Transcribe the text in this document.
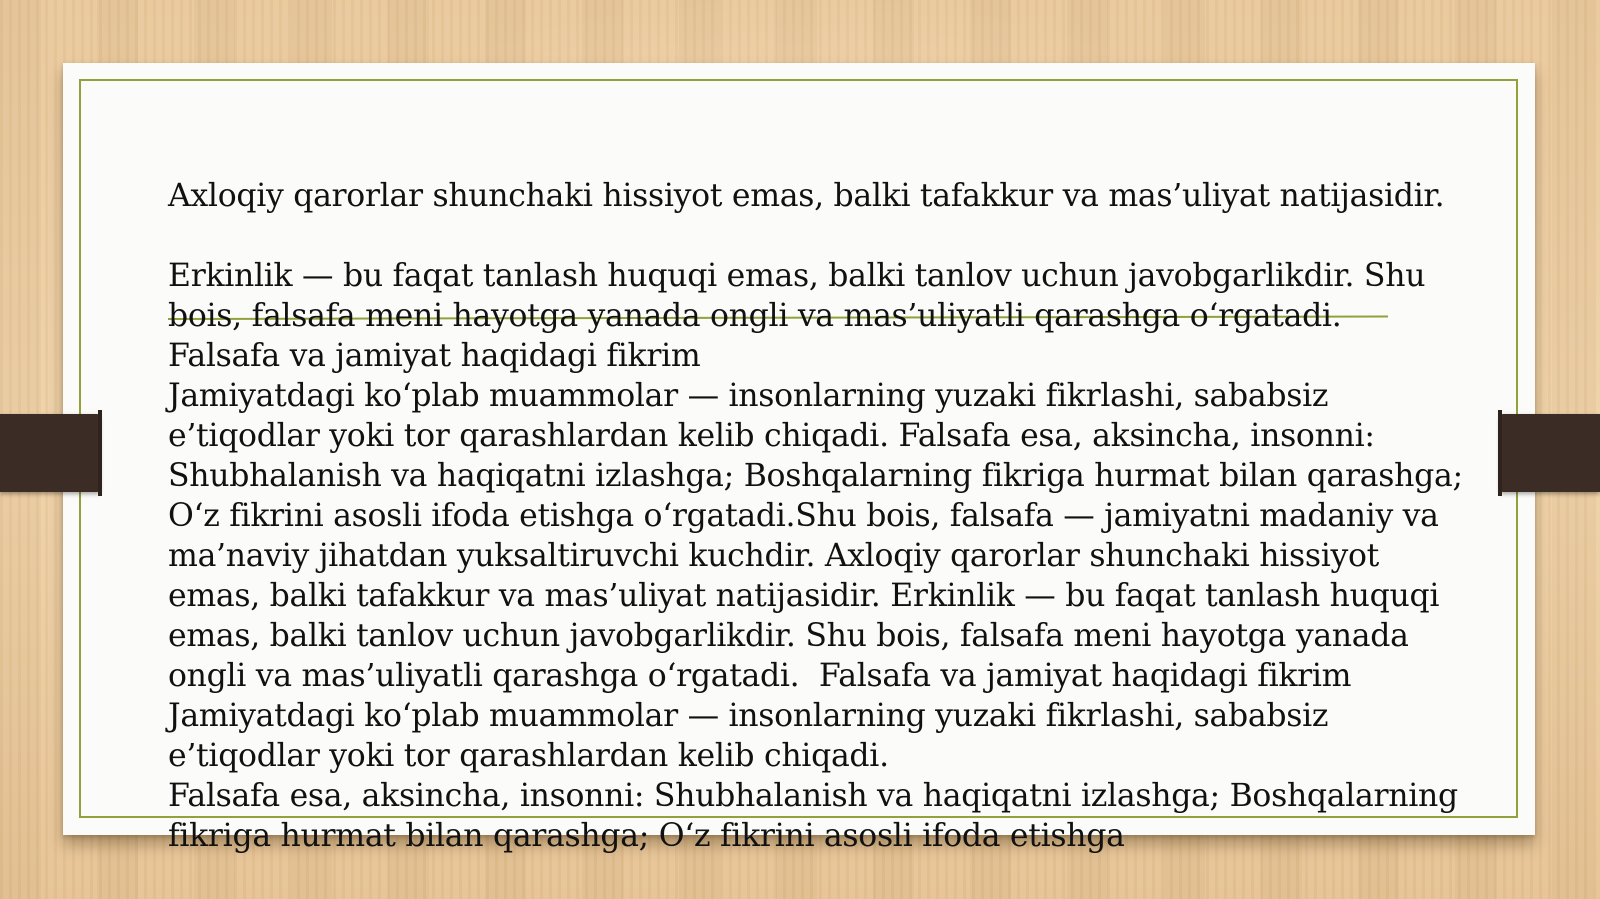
Axloqiy qarorlar shunchaki hissiyot emas, balki tafakkur va mas’uliyat natijasidir.

Erkinlik — bu faqat tanlash huquqi emas, balki tanlov uchun javobgarlikdir. Shu bois, falsafa meni hayotga yanada ongli va mas’uliyatli qarashga o‘rgatadi.

Falsafa va jamiyat haqidagi fikrim

Jamiyatdagi ko‘plab muammolar — insonlarning yuzaki fikrlashi, sababsiz e’tiqodlar yoki tor qarashlardan kelib chiqadi. Falsafa esa, aksincha, insonni: Shubhalanish va haqiqatni izlashga; Boshqalarning fikriga hurmat bilan qarashga; O‘z fikrini asosli ifoda etishga o‘rgatadi.Shu bois, falsafa — jamiyatni madaniy va ma’naviy jihatdan yuksaltiruvchi kuchdir. Axloqiy qarorlar shunchaki hissiyot emas, balki tafakkur va mas’uliyat natijasidir. Erkinlik — bu faqat tanlash huquqi emas, balki tanlov uchun javobgarlikdir. Shu bois, falsafa meni hayotga yanada ongli va mas’uliyatli qarashga o‘rgatadi.  Falsafa va jamiyat haqidagi fikrim Jamiyatdagi ko‘plab muammolar — insonlarning yuzaki fikrlashi, sababsiz e’tiqodlar yoki tor qarashlardan kelib chiqadi.

Falsafa esa, aksincha, insonni: Shubhalanish va haqiqatni izlashga; Boshqalarning fikriga hurmat bilan qarashga; O‘z fikrini asosli ifoda etishga
